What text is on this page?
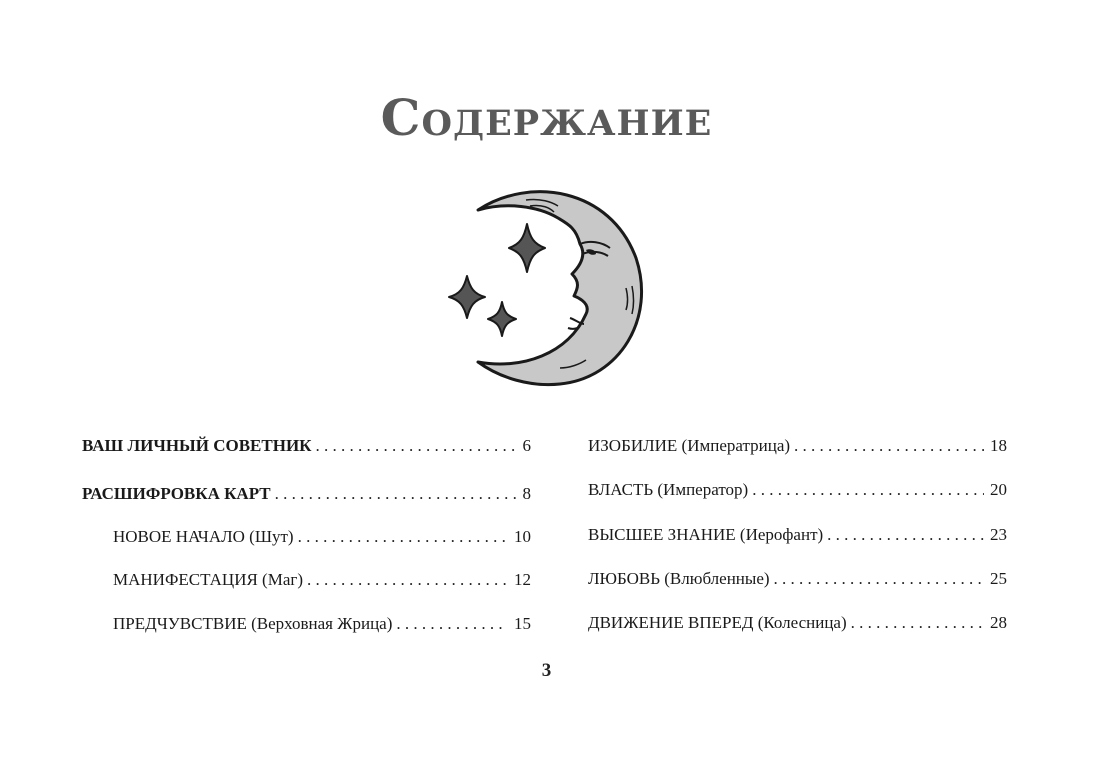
Содержание
ВАШ ЛИЧНЫЙ СОВЕТНИК . . .	6
РАСШИФРОВКА КАРТ . . .	8
НОВОЕ НАЧАЛО (Шут) . . .	10
МАНИФЕСТАЦИЯ (Маг) . . .	12
ПРЕДЧУВСТВИЕ (Верховная Жрица) . . .	15
ИЗОБИЛИЕ (Императрица) . . .	18
ВЛАСТЬ (Император) . . .	20
ВЫСШЕЕ ЗНАНИЕ (Иерофант) . . .	23
ЛЮБОВЬ (Влюбленные) . . .	25
ДВИЖЕНИЕ ВПЕРЕД (Колесница) . . .	28
3
